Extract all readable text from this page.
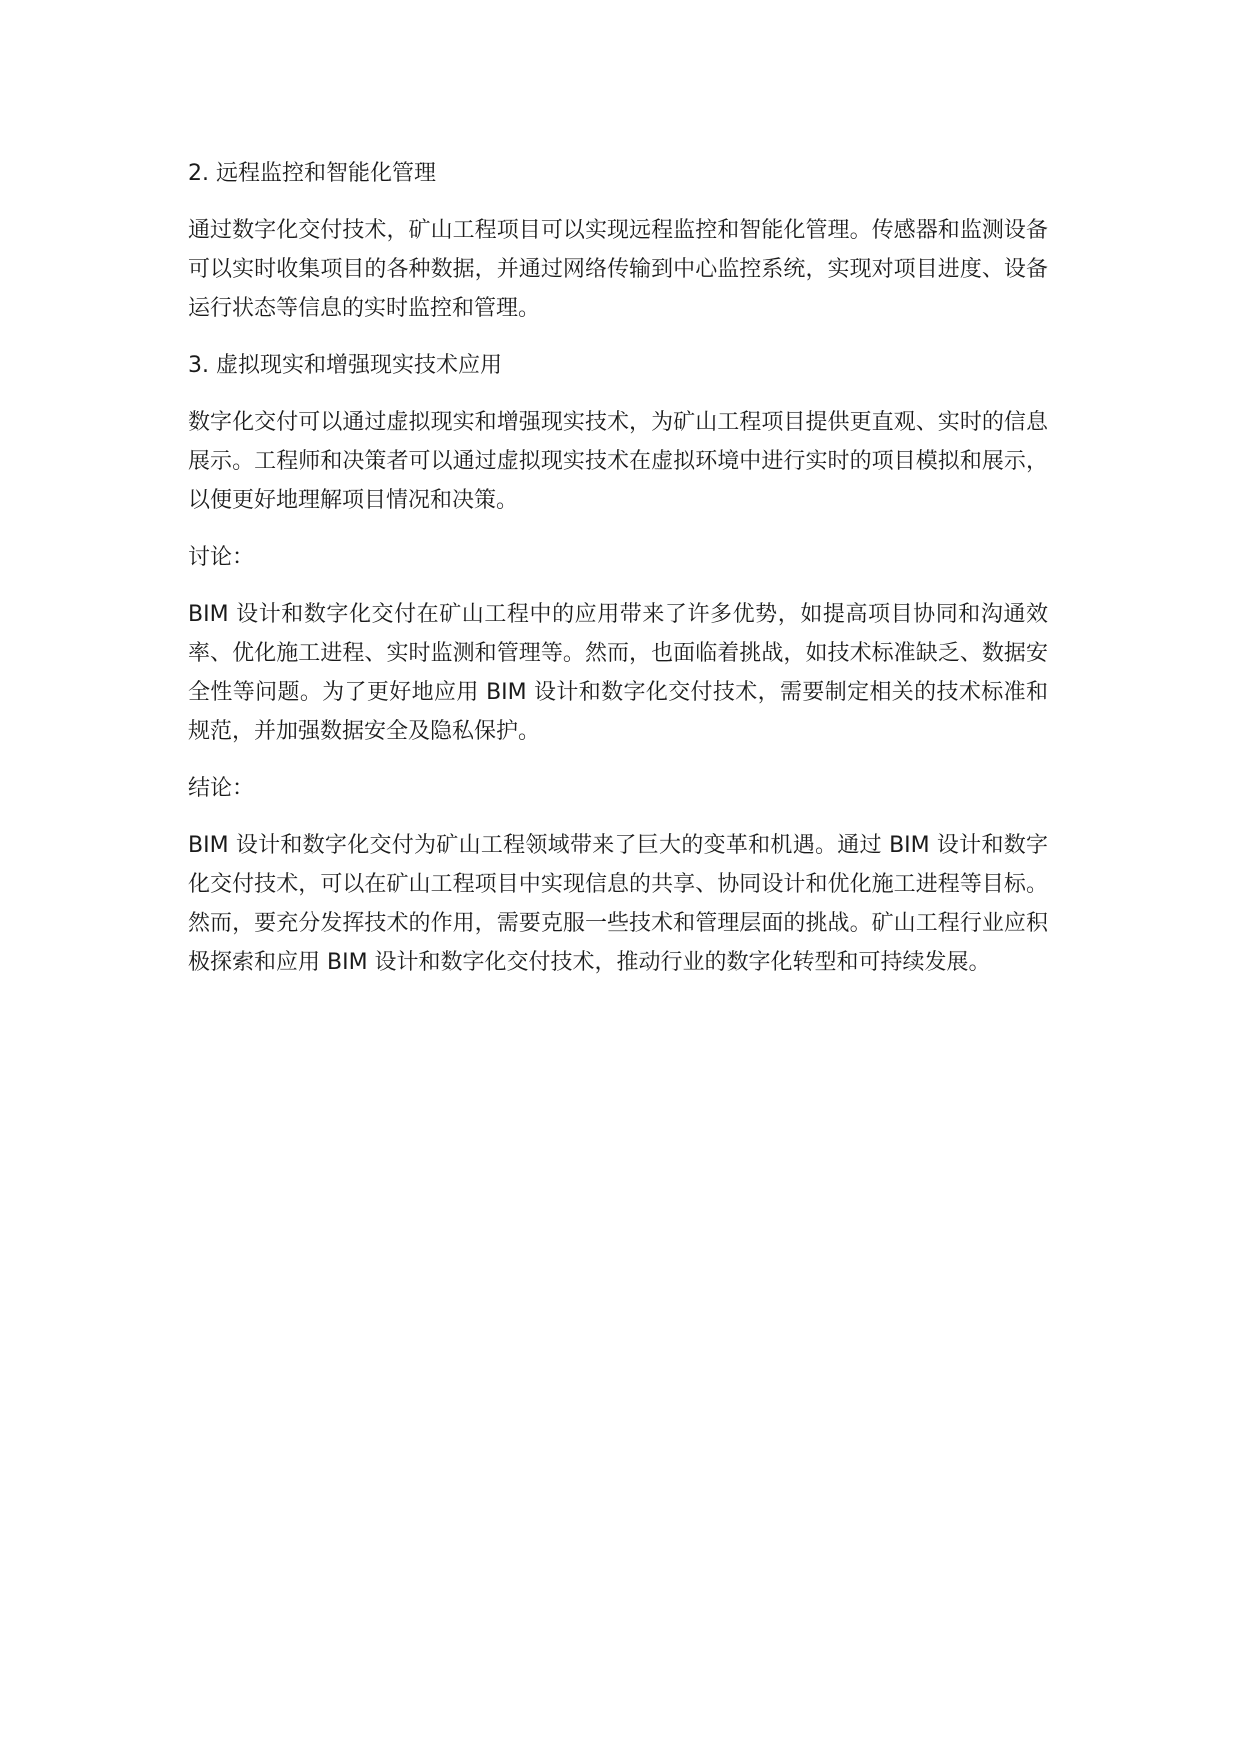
2. 远程监控和智能化管理

通过数字化交付技术，矿山工程项目可以实现远程监控和智能化管理。传感器和监测设备可以实时收集项目的各种数据，并通过网络传输到中心监控系统，实现对项目进度、设备运行状态等信息的实时监控和管理。

3. 虚拟现实和增强现实技术应用

数字化交付可以通过虚拟现实和增强现实技术，为矿山工程项目提供更直观、实时的信息展示。工程师和决策者可以通过虚拟现实技术在虚拟环境中进行实时的项目模拟和展示，以便更好地理解项目情况和决策。

讨论：

BIM 设计和数字化交付在矿山工程中的应用带来了许多优势，如提高项目协同和沟通效率、优化施工进程、实时监测和管理等。然而，也面临着挑战，如技术标准缺乏、数据安全性等问题。为了更好地应用 BIM 设计和数字化交付技术，需要制定相关的技术标准和规范，并加强数据安全及隐私保护。

结论：

BIM 设计和数字化交付为矿山工程领域带来了巨大的变革和机遇。通过 BIM 设计和数字化交付技术，可以在矿山工程项目中实现信息的共享、协同设计和优化施工进程等目标。然而，要充分发挥技术的作用，需要克服一些技术和管理层面的挑战。矿山工程行业应积极探索和应用 BIM 设计和数字化交付技术，推动行业的数字化转型和可持续发展。
